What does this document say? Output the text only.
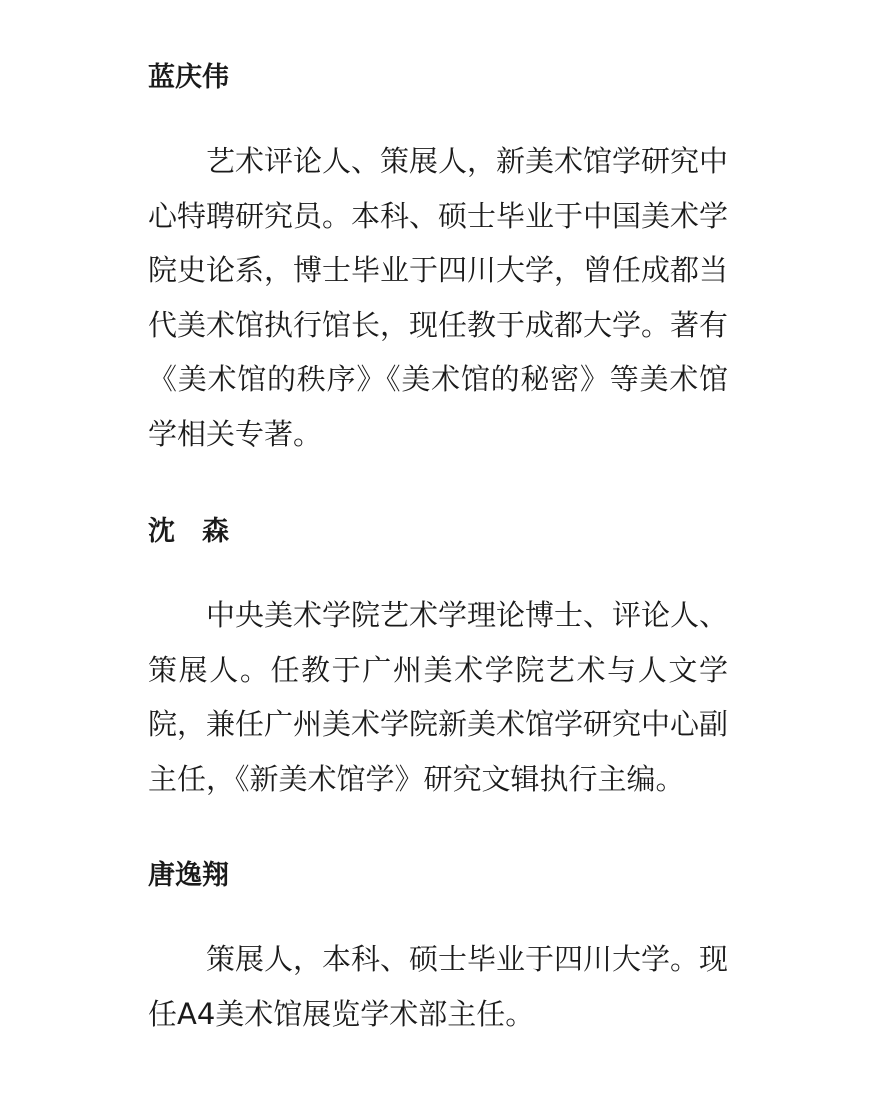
蓝庆伟

艺术评论人、策展人，新美术馆学研究中心特聘研究员。本科、硕士毕业于中国美术学院史论系，博士毕业于四川大学，曾任成都当代美术馆执行馆长，现任教于成都大学。著有《美术馆的秩序》《美术馆的秘密》等美术馆学相关专著。

沈　森

中央美术学院艺术学理论博士、评论人、策展人。任教于广州美术学院艺术与人文学院，兼任广州美术学院新美术馆学研究中心副主任，《新美术馆学》研究文辑执行主编。

唐逸翔

策展人，本科、硕士毕业于四川大学。现任A4美术馆展览学术部主任。
